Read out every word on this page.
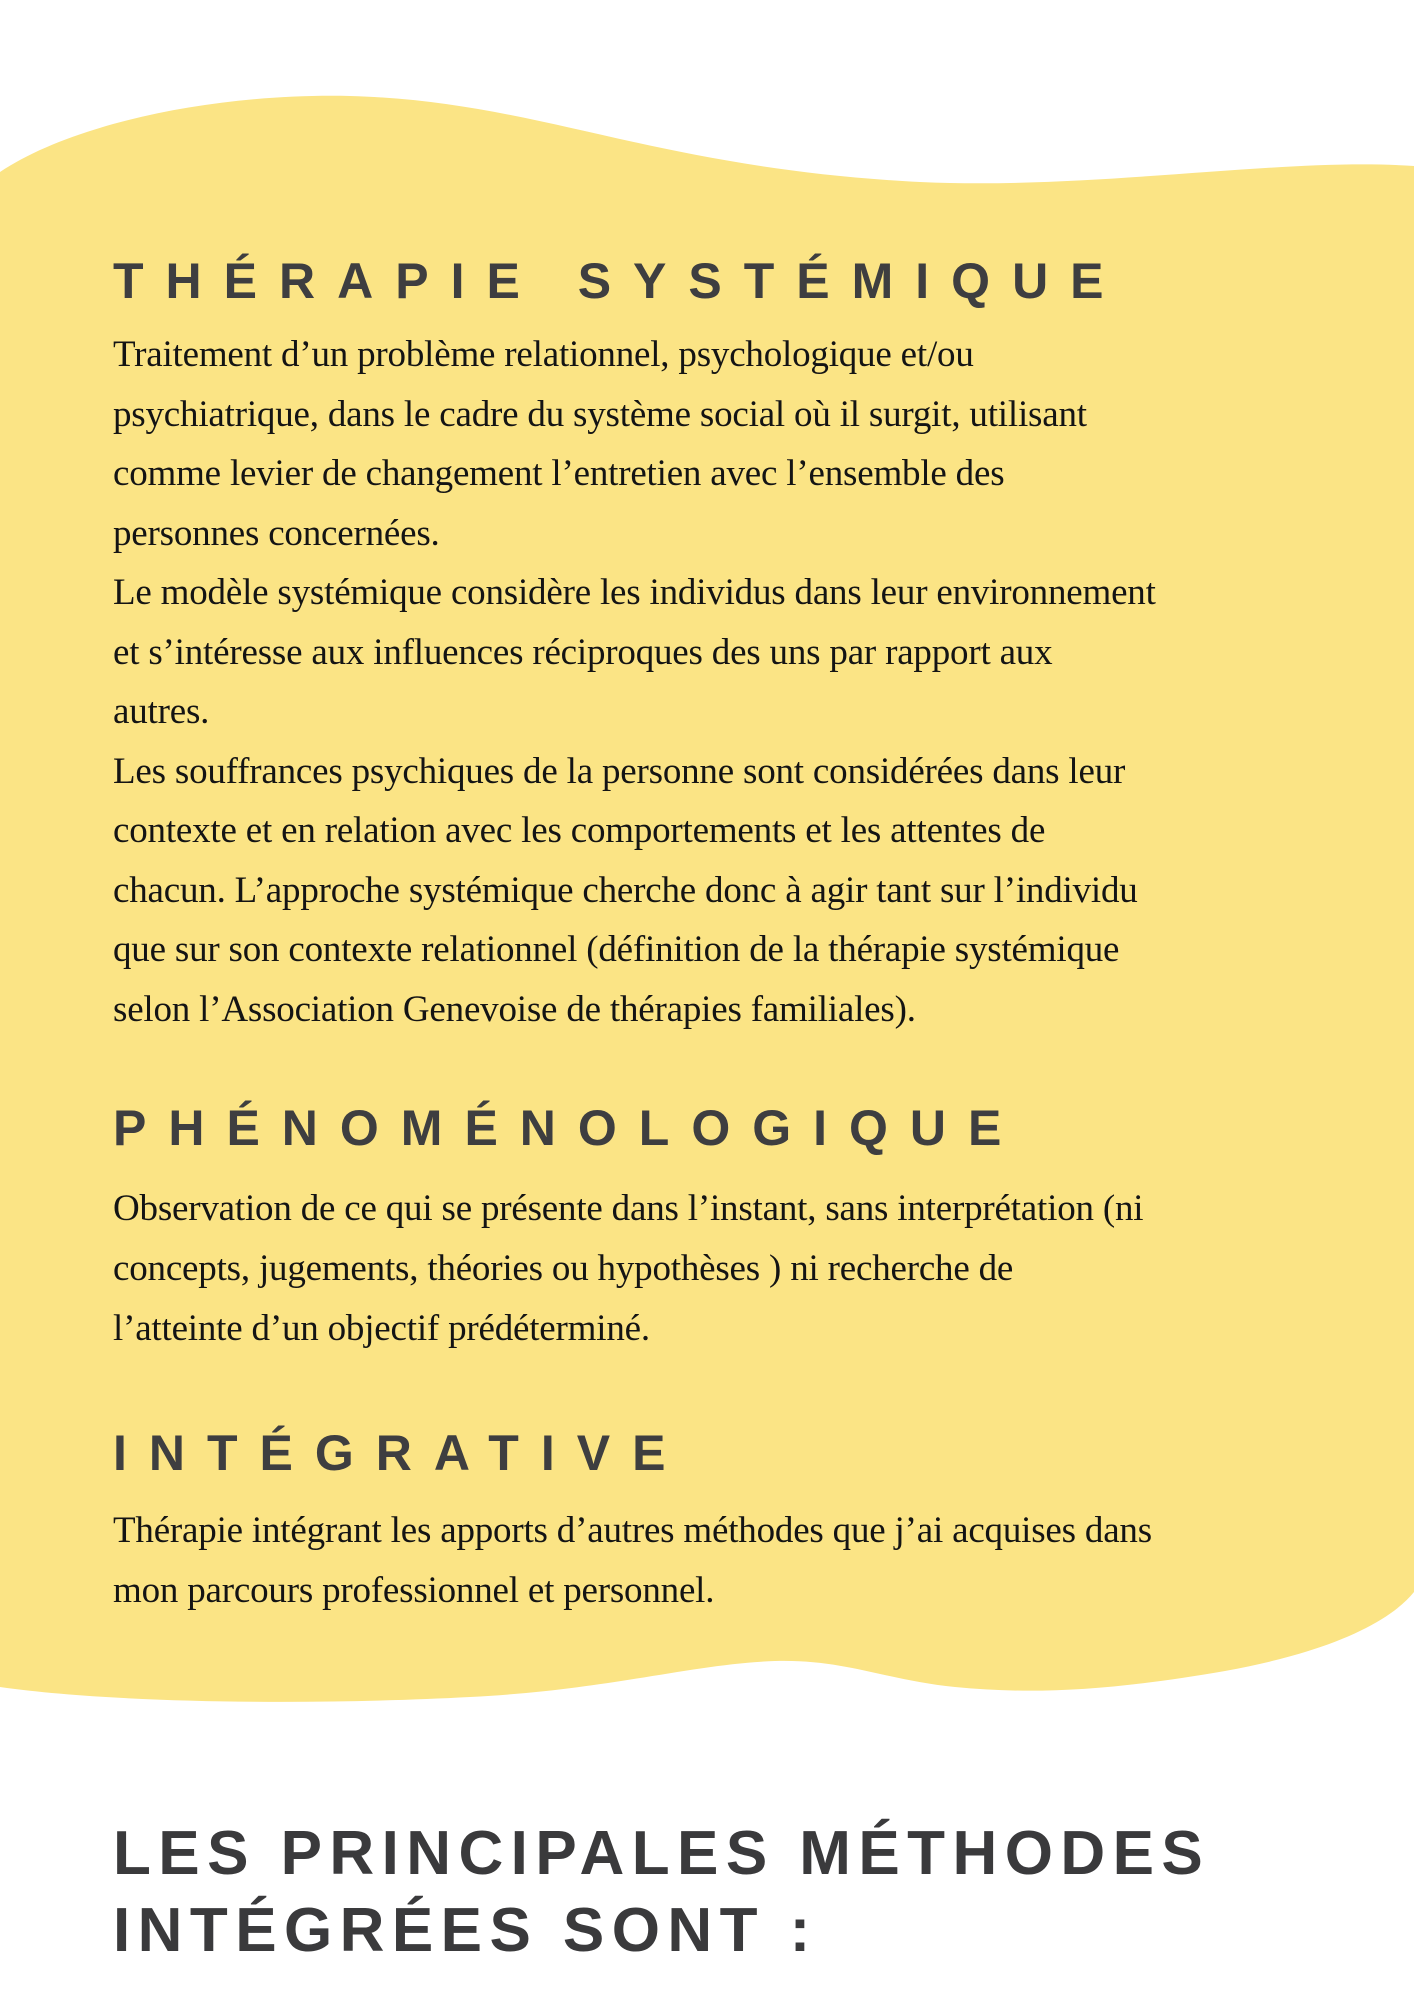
THÉRAPIE SYSTÉMIQUE
Traitement d’un problème relationnel, psychologique et/ou
psychiatrique, dans le cadre du système social où il surgit, utilisant
comme levier de changement l’entretien avec l’ensemble des
personnes concernées.
Le modèle systémique considère les individus dans leur environnement
et s’intéresse aux influences réciproques des uns par rapport aux
autres.
Les souffrances psychiques de la personne sont considérées dans leur
contexte et en relation avec les comportements et les attentes de
chacun. L’approche systémique cherche donc à agir tant sur l’individu
que sur son contexte relationnel (définition de la thérapie systémique
selon l’Association Genevoise de thérapies familiales).
PHÉNOMÉNOLOGIQUE
Observation de ce qui se présente dans l’instant, sans interprétation (ni
concepts, jugements, théories ou hypothèses ) ni recherche de
l’atteinte d’un objectif prédéterminé.
INTÉGRATIVE
Thérapie intégrant les apports d’autres méthodes que j’ai acquises dans
mon parcours professionnel et personnel.
LES PRINCIPALES MÉTHODES
INTÉGRÉES SONT :
